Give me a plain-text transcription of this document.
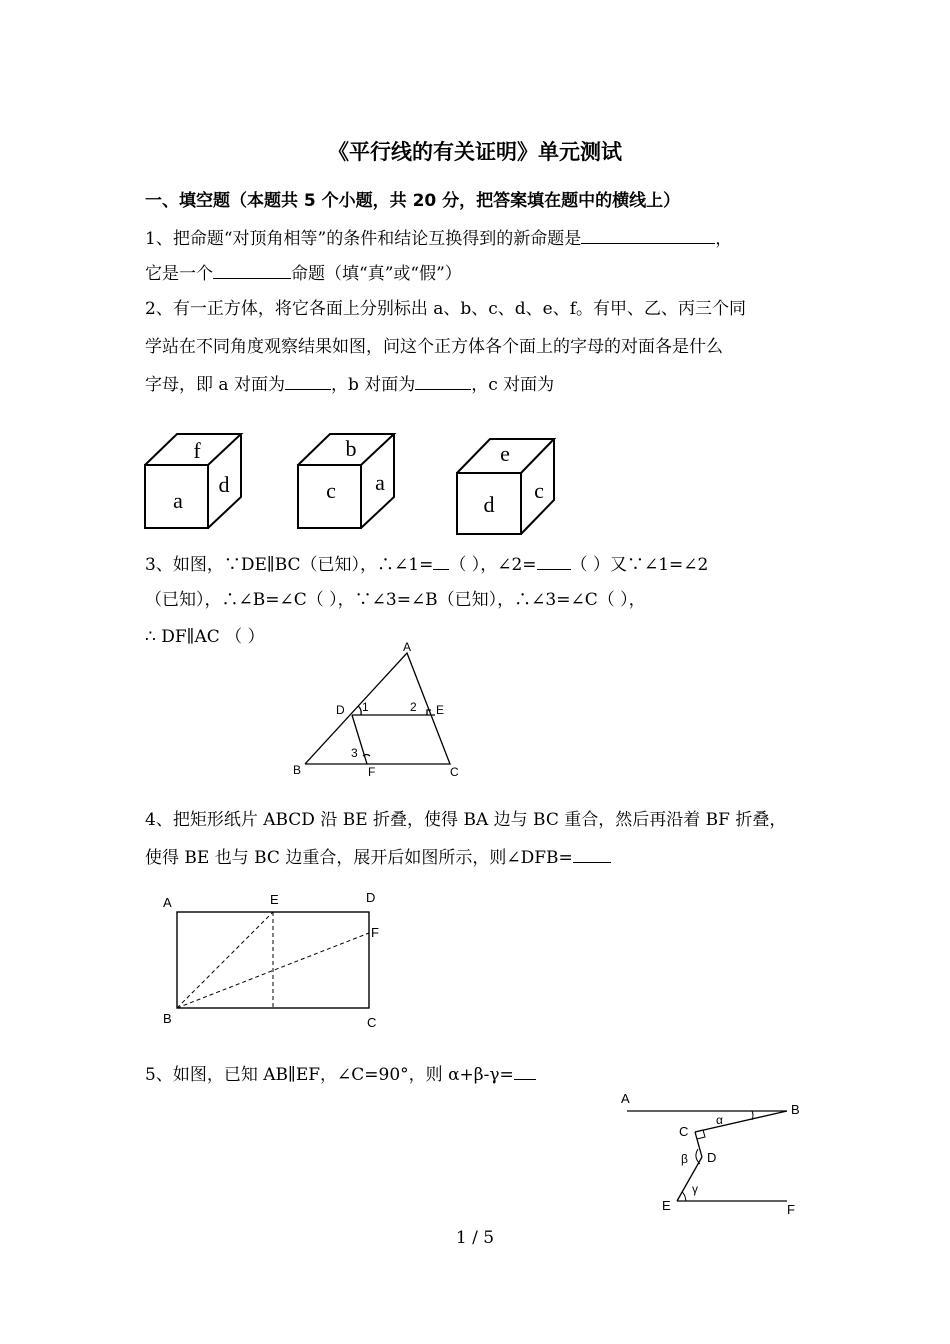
《平行线的有关证明》单元测试
一、填空题（本题共 5 个小题，共 20 分，把答案填在题中的横线上）
1、把命题“对顶角相等”的条件和结论互换得到的新命题是	，
它是一个	命题（填“真”或“假”）
2、有一正方体，将它各面上分别标出 a、b、c、d、e、f。有甲、乙、丙三个同
学站在不同角度观察结果如图，问这个正方体各个面上的字母的对面各是什么
字母，即 a 对面为	，b 对面为	，c 对面为
f
a
d
b
c a
e
d
c
3、如图，∵DE∥BC（已知），∴∠1= （ ），∠2= （ ）又∵∠1=∠2
（已知），∴∠B=∠C（ ），∵∠3=∠B（已知），∴∠3=∠C（ ），
∴ DF∥AC （ ）	A
B	C
D	E
F
1	2
3
4、把矩形纸片 ABCD 沿 BE 折叠，使得 BA 边与 BC 重合，然后再沿着 BF 折叠，
使得 BE 也与 BC 边重合，展开后如图所示，则∠DFB=
A
B	C
D
E
F
5、如图，已知 AB∥EF，∠C=90°，则 α+β-γ=
A
B
C
D
E	F
α
β
γ
1 / 5
